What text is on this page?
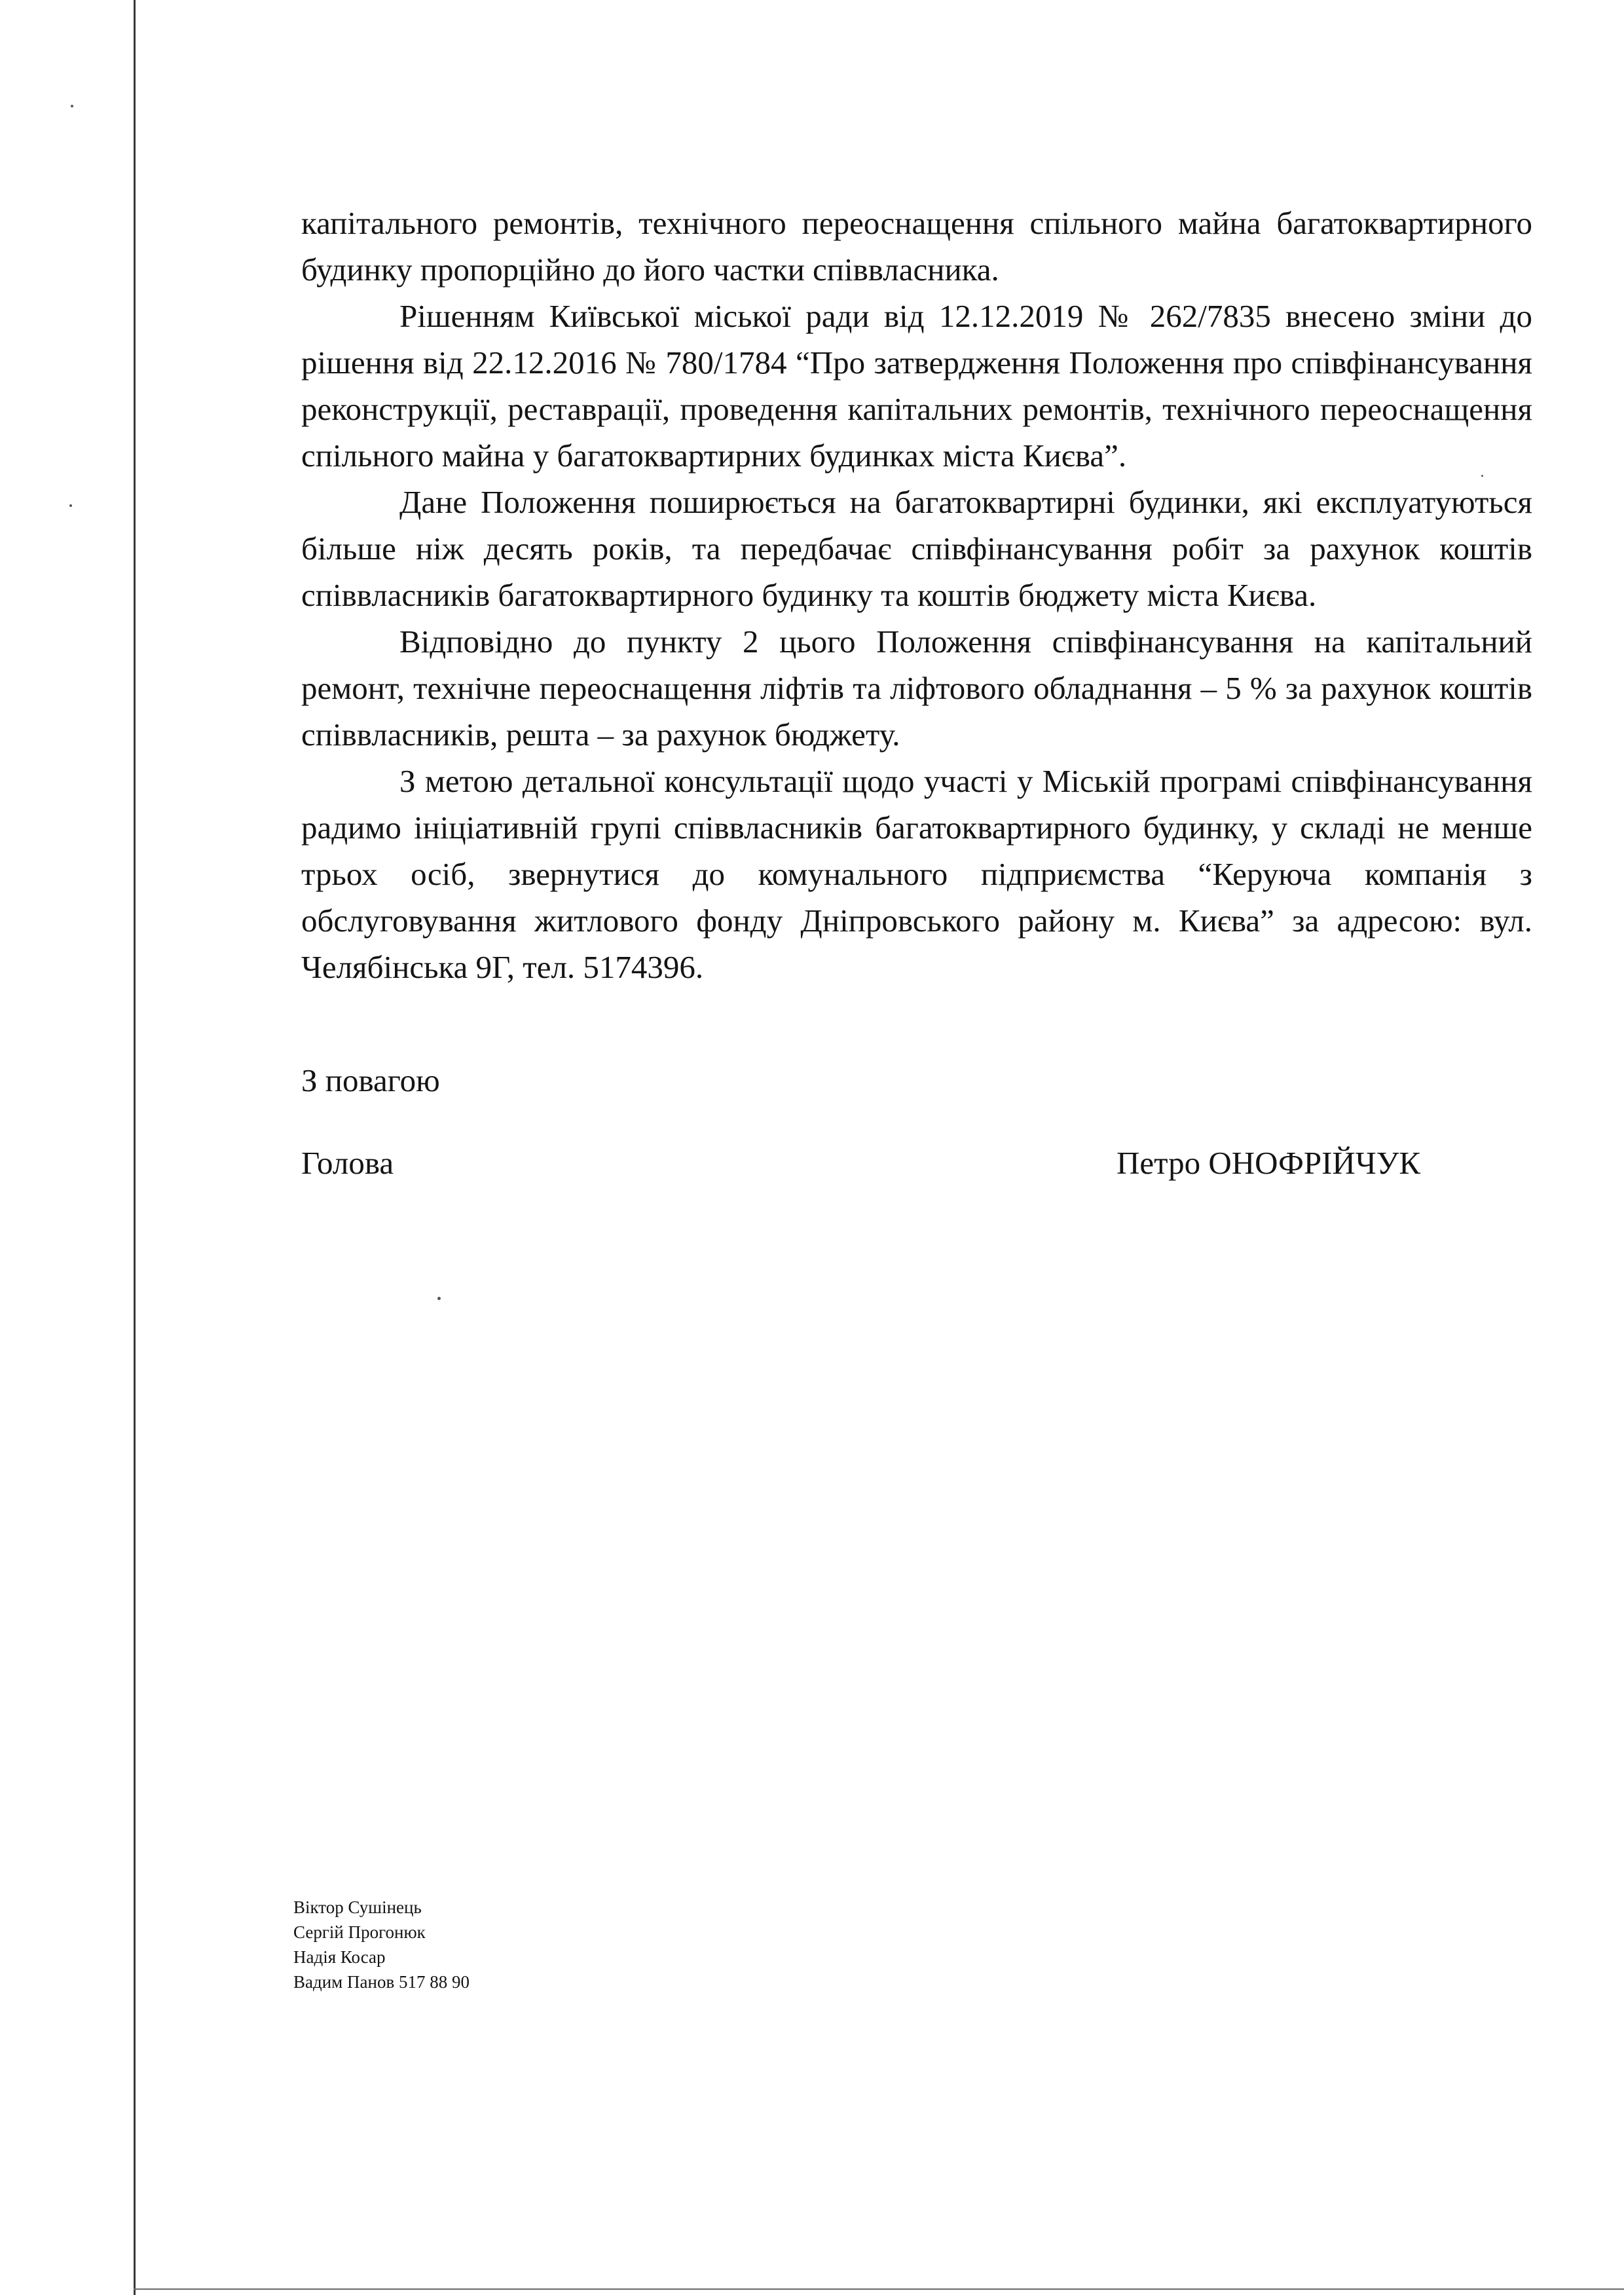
капітального ремонтів, технічного переоснащення спільного майна багатоквартирного будинку пропорційно до його частки співвласника.

Рішенням Київської міської ради від 12.12.2019 № 262/7835 внесено зміни до рішення від 22.12.2016 № 780/1784 “Про затвердження Положення про співфінансування реконструкції, реставрації, проведення капітальних ремонтів, технічного переоснащення спільного майна у багатоквартирних будинках міста Києва”.

Дане Положення поширюється на багатоквартирні будинки, які експлуатуються більше ніж десять років, та передбачає співфінансування робіт за рахунок коштів співвласників багатоквартирного будинку та коштів бюджету міста Києва.

Відповідно до пункту 2 цього Положення співфінансування на капітальний ремонт, технічне переоснащення ліфтів та ліфтового обладнання – 5 % за рахунок коштів співвласників, решта – за рахунок бюджету.

З метою детальної консультації щодо участі у Міській програмі співфінансування радимо ініціативній групі співвласників багатоквартирного будинку, у складі не менше трьох осіб, звернутися до комунального підприємства “Керуюча компанія з обслуговування житлового фонду Дніпровського району м. Києва” за адресою: вул. Челябінська 9Г, тел. 5174396.

З повагою
Голова	Петро ОНОФРІЙЧУК
Віктор Сушінець
Сергій Прогонюк
Надія Косар
Вадим Панов 517 88 90
